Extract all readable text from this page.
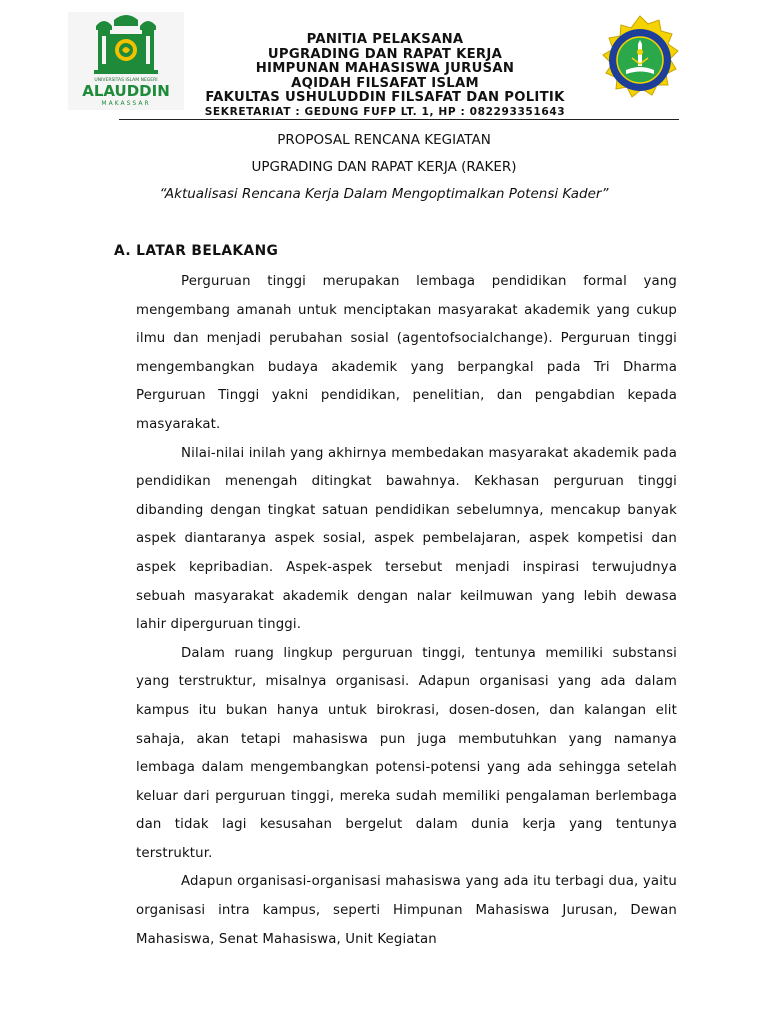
UNIVERSITAS ISLAM NEGERI
ALAUDDIN
MAKASSAR
PANITIA PELAKSANA
UPGRADING DAN RAPAT KERJA
HIMPUNAN MAHASISWA JURUSAN
AQIDAH FILSAFAT ISLAM
FAKULTAS USHULUDDIN FILSAFAT DAN POLITIK
SEKRETARIAT : GEDUNG FUFP LT. 1, HP : 082293351643
PROPOSAL RENCANA KEGIATAN
UPGRADING DAN RAPAT KERJA (RAKER)
“Aktualisasi Rencana Kerja Dalam Mengoptimalkan Potensi Kader”
A. LATAR BELAKANG

Perguruan tinggi merupakan lembaga pendidikan formal yang mengembang amanah untuk menciptakan masyarakat akademik yang cukup ilmu dan menjadi perubahan sosial (agentofsocialchange). Perguruan tinggi mengembangkan budaya akademik yang berpangkal pada Tri Dharma Perguruan Tinggi yakni pendidikan, penelitian, dan pengabdian kepada masyarakat.

Nilai-nilai inilah yang akhirnya membedakan masyarakat akademik pada pendidikan menengah ditingkat bawahnya. Kekhasan perguruan tinggi dibanding dengan tingkat satuan pendidikan sebelumnya, mencakup banyak aspek diantaranya aspek sosial, aspek pembelajaran, aspek kompetisi dan aspek kepribadian. Aspek-aspek tersebut menjadi inspirasi terwujudnya sebuah masyarakat akademik dengan nalar keilmuwan yang lebih dewasa lahir diperguruan tinggi.

Dalam ruang lingkup perguruan tinggi, tentunya memiliki substansi yang terstruktur, misalnya organisasi. Adapun organisasi yang ada dalam kampus itu bukan hanya untuk birokrasi, dosen-dosen, dan kalangan elit sahaja, akan tetapi mahasiswa pun juga membutuhkan yang namanya lembaga dalam mengembangkan potensi-potensi yang ada sehingga setelah keluar dari perguruan tinggi, mereka sudah memiliki pengalaman berlembaga dan tidak lagi kesusahan bergelut dalam dunia kerja yang tentunya terstruktur.

Adapun organisasi-organisasi mahasiswa yang ada itu terbagi dua, yaitu organisasi intra kampus, seperti Himpunan Mahasiswa Jurusan, Dewan Mahasiswa, Senat Mahasiswa, Unit Kegiatan
